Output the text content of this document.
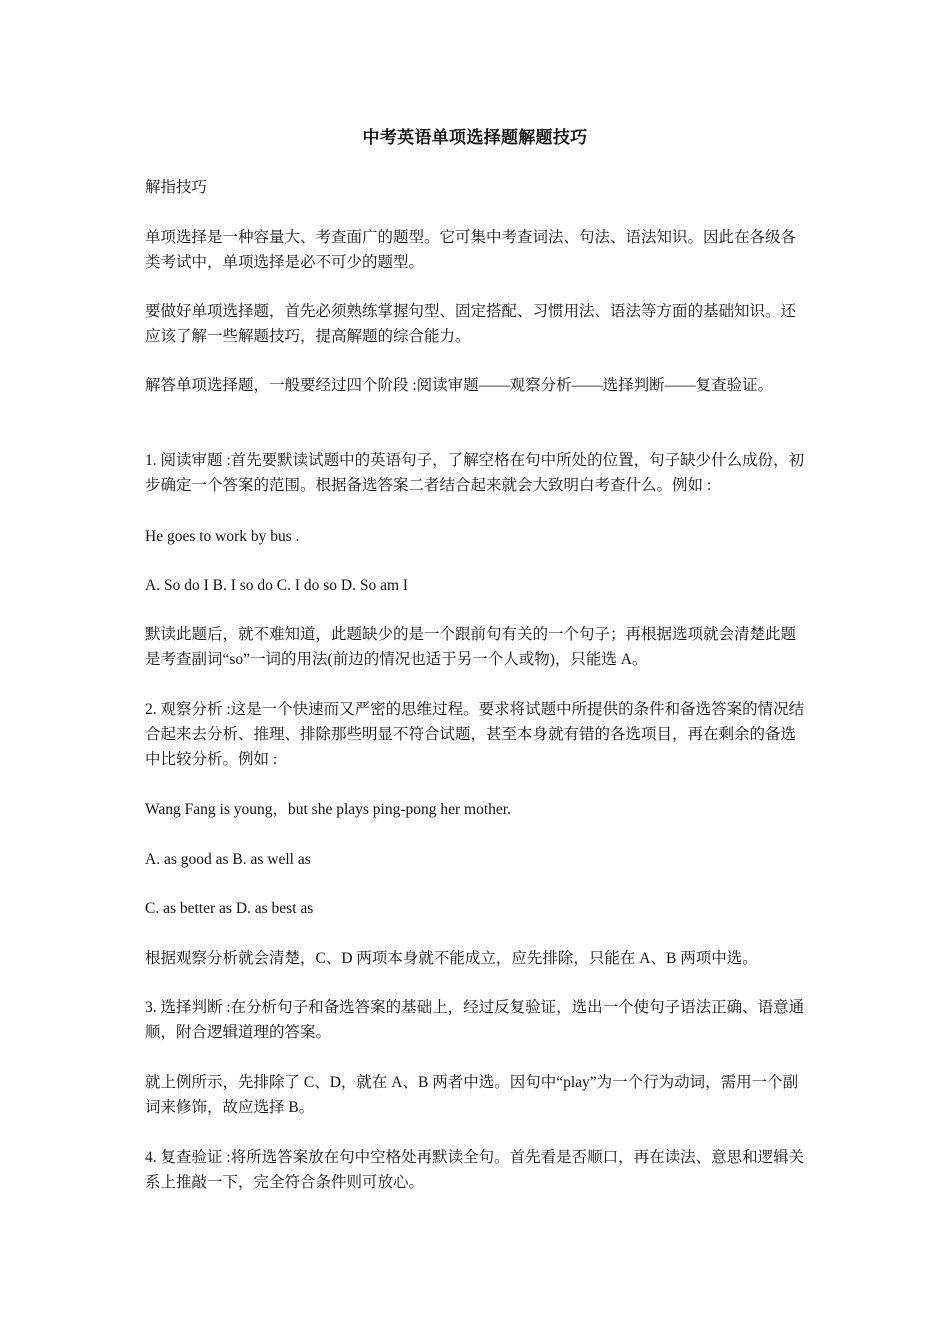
中考英语单项选择题解题技巧

解指技巧

单项选择是一种容量大、考查面广的题型。它可集中考查词法、句法、语法知识。因此在各级各类考试中，单项选择是必不可少的题型。

要做好单项选择题，首先必须熟练掌握句型、固定搭配、习惯用法、语法等方面的基础知识。还应该了解一些解题技巧，提高解题的综合能力。

解答单项选择题，一般要经过四个阶段 :阅读审题——观察分析——选择判断——复查验证。

1. 阅读审题 :首先要默读试题中的英语句子，了解空格在句中所处的位置，句子缺少什么成份，初步确定一个答案的范围。根据备选答案二者结合起来就会大致明白考查什么。例如 :

He goes to work by bus .

A. So do I B. I so do C. I do so D. So am I

默读此题后，就不难知道，此题缺少的是一个跟前句有关的一个句子；再根据选项就会清楚此题是考查副词“so”一词的用法(前边的情况也适于另一个人或物)，只能选 A。

2. 观察分析 :这是一个快速而又严密的思维过程。要求将试题中所提供的条件和备选答案的情况结合起来去分析、推理、排除那些明显不符合试题，甚至本身就有错的各选项目，再在剩余的备选中比较分析。例如 :

Wang Fang is young，but she plays ping-pong her mother.

A. as good as B. as well as

C. as better as D. as best as

根据观察分析就会清楚，C、D 两项本身就不能成立，应先排除，只能在 A、B 两项中选。

3. 选择判断 :在分析句子和备选答案的基础上，经过反复验证，选出一个使句子语法正确、语意通顺，附合逻辑道理的答案。

就上例所示，先排除了 C、D，就在 A、B 两者中选。因句中“play”为一个行为动词，需用一个副词来修饰，故应选择 B。

4. 复查验证 :将所选答案放在句中空格处再默读全句。首先看是否顺口，再在读法、意思和逻辑关系上推敲一下，完全符合条件则可放心。
